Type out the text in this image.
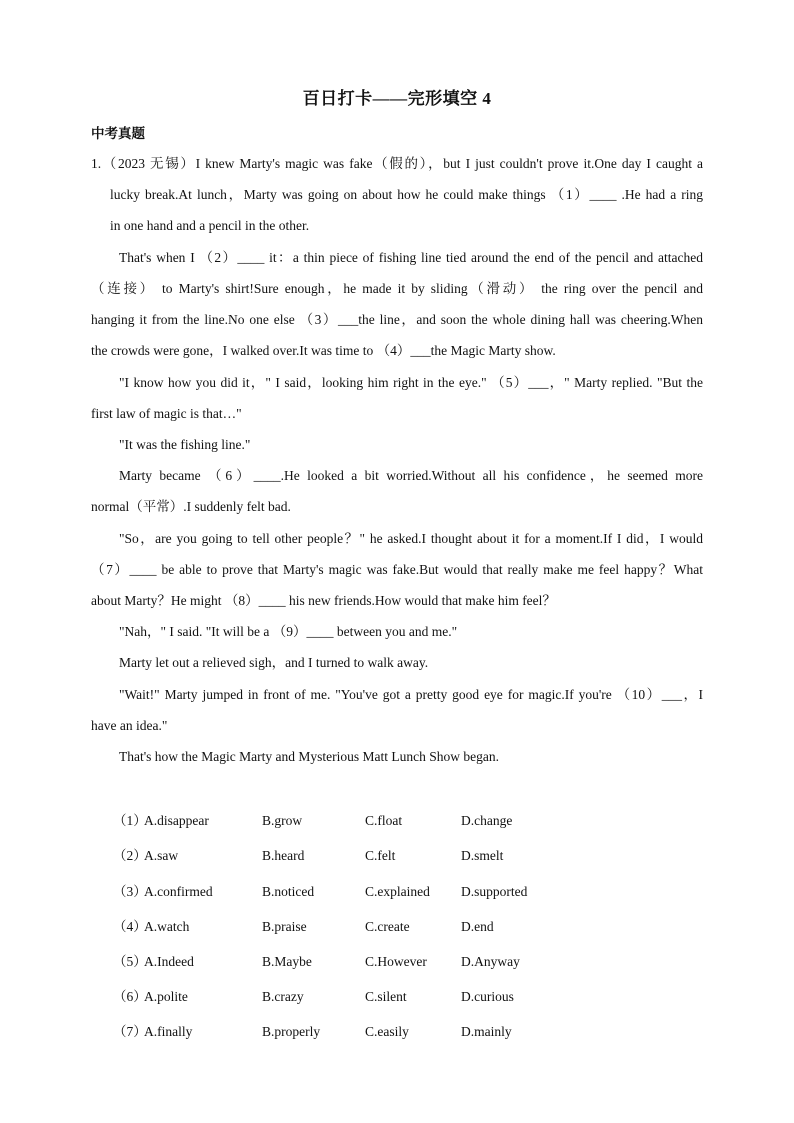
百日打卡——完形填空 4
中考真题
1.（2023 无锡）I knew Marty's magic was fake（假的），but I just couldn't prove it.One day I caught a
lucky break.At lunch，Marty was going on about how he could make things （1）____ .He had a ring
in one hand and a pencil in the other.
That's when I （2）____ it：a thin piece of fishing line tied around the end of the pencil and attached
（连接） to Marty's shirt!Sure enough，he made it by sliding（滑动） the ring over the pencil and
hanging it from the line.No one else （3）___the line，and soon the whole dining hall was cheering.When
the crowds were gone，I walked over.It was time to （4）___the Magic Marty show.
"I know how you did it，" I said，looking him right in the eye." （5）___，" Marty replied. "But the
first law of magic is that…"
"It was the fishing line."
Marty became （6）____.He looked a bit worried.Without all his confidence，he seemed more
normal（平常）.I suddenly felt bad.
"So，are you going to tell other people？" he asked.I thought about it for a moment.If I did，I would
（7）____ be able to prove that Marty's magic was fake.But would that really make me feel happy？What
about Marty？He might （8）____ his new friends.How would that make him feel？
"Nah，" I said. "It will be a （9）____ between you and me."
Marty let out a relieved sigh，and I turned to walk away.
"Wait!" Marty jumped in front of me. "You've got a pretty good eye for magic.If you're （10）___，I
have an idea."
That's how the Magic Marty and Mysterious Matt Lunch Show began.
（1）
A.disappear	B.grow	C.float	D.change
（2）
A.saw	B.heard	C.felt	D.smelt
（3）
A.confirmed	B.noticed	C.explained D.supported
（4）
A.watch	B.praise	C.create	D.end
（5）
A.Indeed	B.Maybe	C.However	D.Anyway
（6）
A.polite	B.crazy	C.silent	D.curious
（7）
A.finally	B.properly	C.easily	D.mainly
